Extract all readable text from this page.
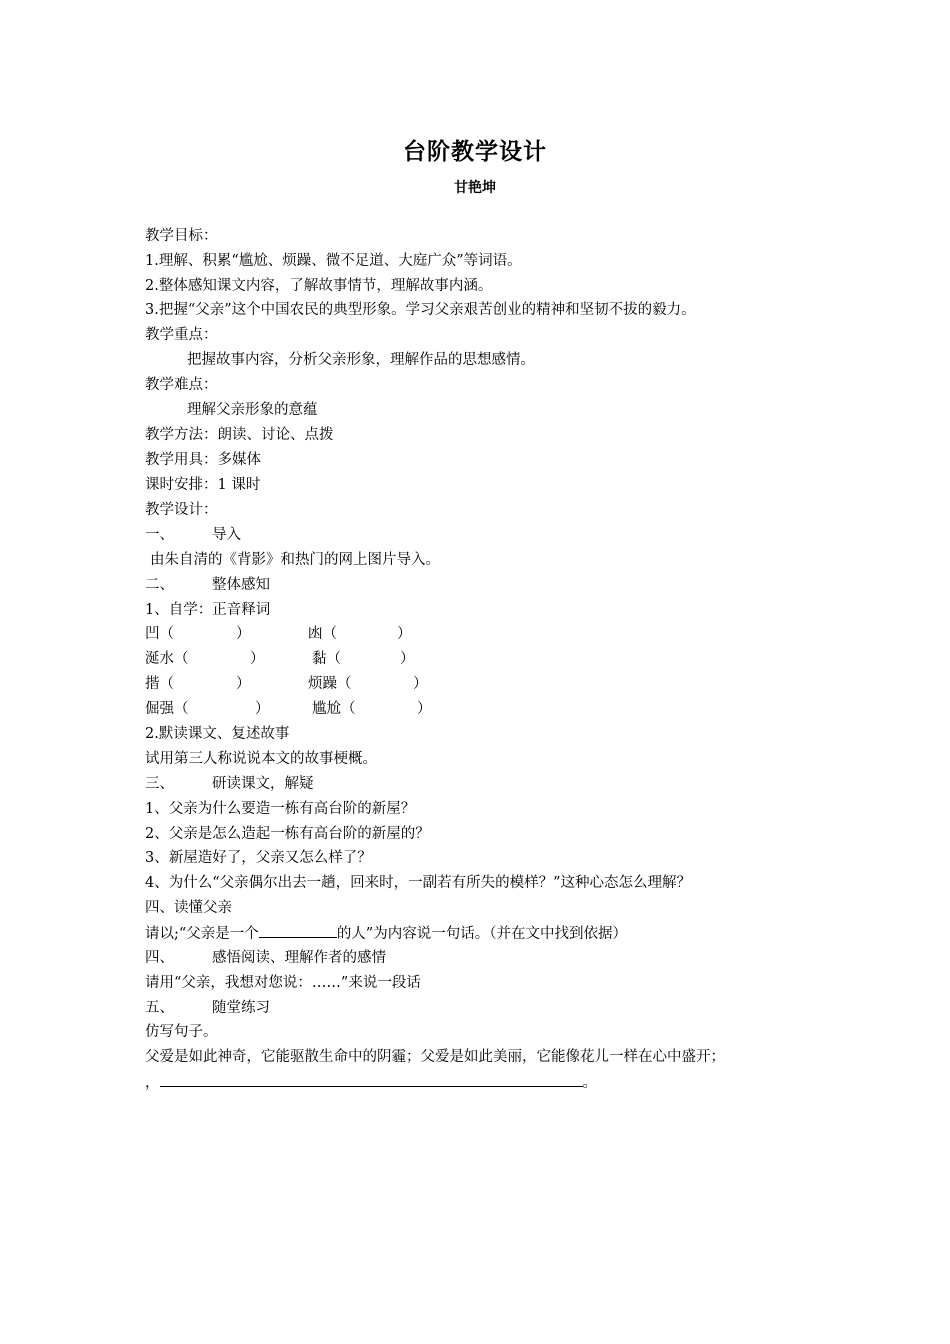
台阶教学设计
甘艳坤
教学目标：
1.理解、积累“尴尬、烦躁、微不足道、大庭广众”等词语。
2.整体感知课文内容，了解故事情节，理解故事内涵。
3.把握“父亲”这个中国农民的典型形象。学习父亲艰苦创业的精神和坚韧不拔的毅力。
教学重点：
把握故事内容，分析父亲形象，理解作品的思想感情。
教学难点：
理解父亲形象的意蕴
教学方法：朗读、讨论、点拨
教学用具：多媒体
课时安排：1 课时
教学设计：
一、	导入
由朱自清的《背影》和热门的网上图片导入。
二、	整体感知
1、自学：正音释词
凹（	）	凼（	）
涎水（	）	黏（	）
揩（	）	烦躁（	）
倔强（	）	尴尬（	）
2.默读课文、复述故事
试用第三人称说说本文的故事梗概。
三、	研读课文，解疑
1、父亲为什么要造一栋有高台阶的新屋？
2、父亲是怎么造起一栋有高台阶的新屋的？
3、新屋造好了，父亲又怎么样了？
4、为什么“父亲偶尔出去一趟，回来时，一副若有所失的模样？”这种心态怎么理解？
四、读懂父亲
请以;“父亲是一个	的人”为内容说一句话。（并在文中找到依据）
四、	感悟阅读、理解作者的感情
请用“父亲，我想对您说：……”来说一段话
五、	随堂练习
仿写句子。
父爱是如此神奇，它能驱散生命中的阴霾；父爱是如此美丽，它能像花儿一样在心中盛开；
，	。
